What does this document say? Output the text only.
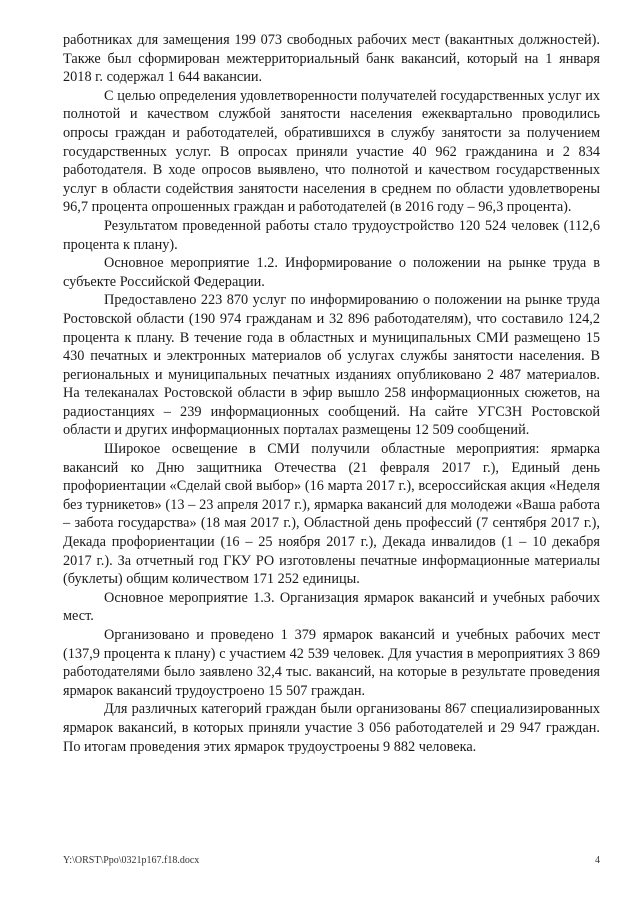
работниках для замещения 199 073 свободных рабочих мест (вакантных должностей). Также был сформирован межтерриториальный банк вакансий, который на 1 января 2018 г. содержал 1 644 вакансии.

С целью определения удовлетворенности получателей государственных услуг их полнотой и качеством службой занятости населения ежеквартально проводились опросы граждан и работодателей, обратившихся в службу занятости за получением государственных услуг. В опросах приняли участие 40 962 гражданина и 2 834 работодателя. В ходе опросов выявлено, что полнотой и качеством государственных услуг в области содействия занятости населения в среднем по области удовлетворены 96,7 процента опрошенных граждан и работодателей (в 2016 году – 96,3 процента).

Результатом проведенной работы стало трудоустройство 120 524 человек (112,6 процента к плану).

Основное мероприятие 1.2. Информирование о положении на рынке труда в субъекте Российской Федерации.

Предоставлено 223 870 услуг по информированию о положении на рынке труда Ростовской области (190 974 гражданам и 32 896 работодателям), что составило 124,2 процента к плану. В течение года в областных и муниципальных СМИ размещено 15 430 печатных и электронных материалов об услугах службы занятости населения. В региональных и муниципальных печатных изданиях опубликовано 2 487 материалов. На телеканалах Ростовской области в эфир вышло 258 информационных сюжетов, на радиостанциях – 239 информационных сообщений. На сайте УГСЗН Ростовской области и других информационных порталах размещены 12 509 сообщений.

Широкое освещение в СМИ получили областные мероприятия: ярмарка вакансий ко Дню защитника Отечества (21 февраля 2017 г.), Единый день профориентации «Сделай свой выбор» (16 марта 2017 г.), всероссийская акция «Неделя без турникетов» (13 – 23 апреля 2017 г.), ярмарка вакансий для молодежи «Ваша работа – забота государства» (18 мая 2017 г.), Областной день профессий (7 сентября 2017 г.), Декада профориентации (16 – 25 ноября 2017 г.), Декада инвалидов (1 – 10 декабря 2017 г.). За отчетный год ГКУ РО изготовлены печатные информационные материалы (буклеты) общим количеством 171 252 единицы.

Основное мероприятие 1.3. Организация ярмарок вакансий и учебных рабочих мест.

Организовано и проведено 1 379 ярмарок вакансий и учебных рабочих мест (137,9 процента к плану) с участием 42 539 человек. Для участия в мероприятиях 3 869 работодателями было заявлено 32,4 тыс. вакансий, на которые в результате проведения ярмарок вакансий трудоустроено 15 507 граждан.

Для различных категорий граждан были организованы 867 специализированных ярмарок вакансий, в которых приняли участие 3 056 работодателей и 29 947 граждан. По итогам проведения этих ярмарок трудоустроены 9 882 человека.

Y:\ORST\Ppo\0321p167.f18.docx	4
